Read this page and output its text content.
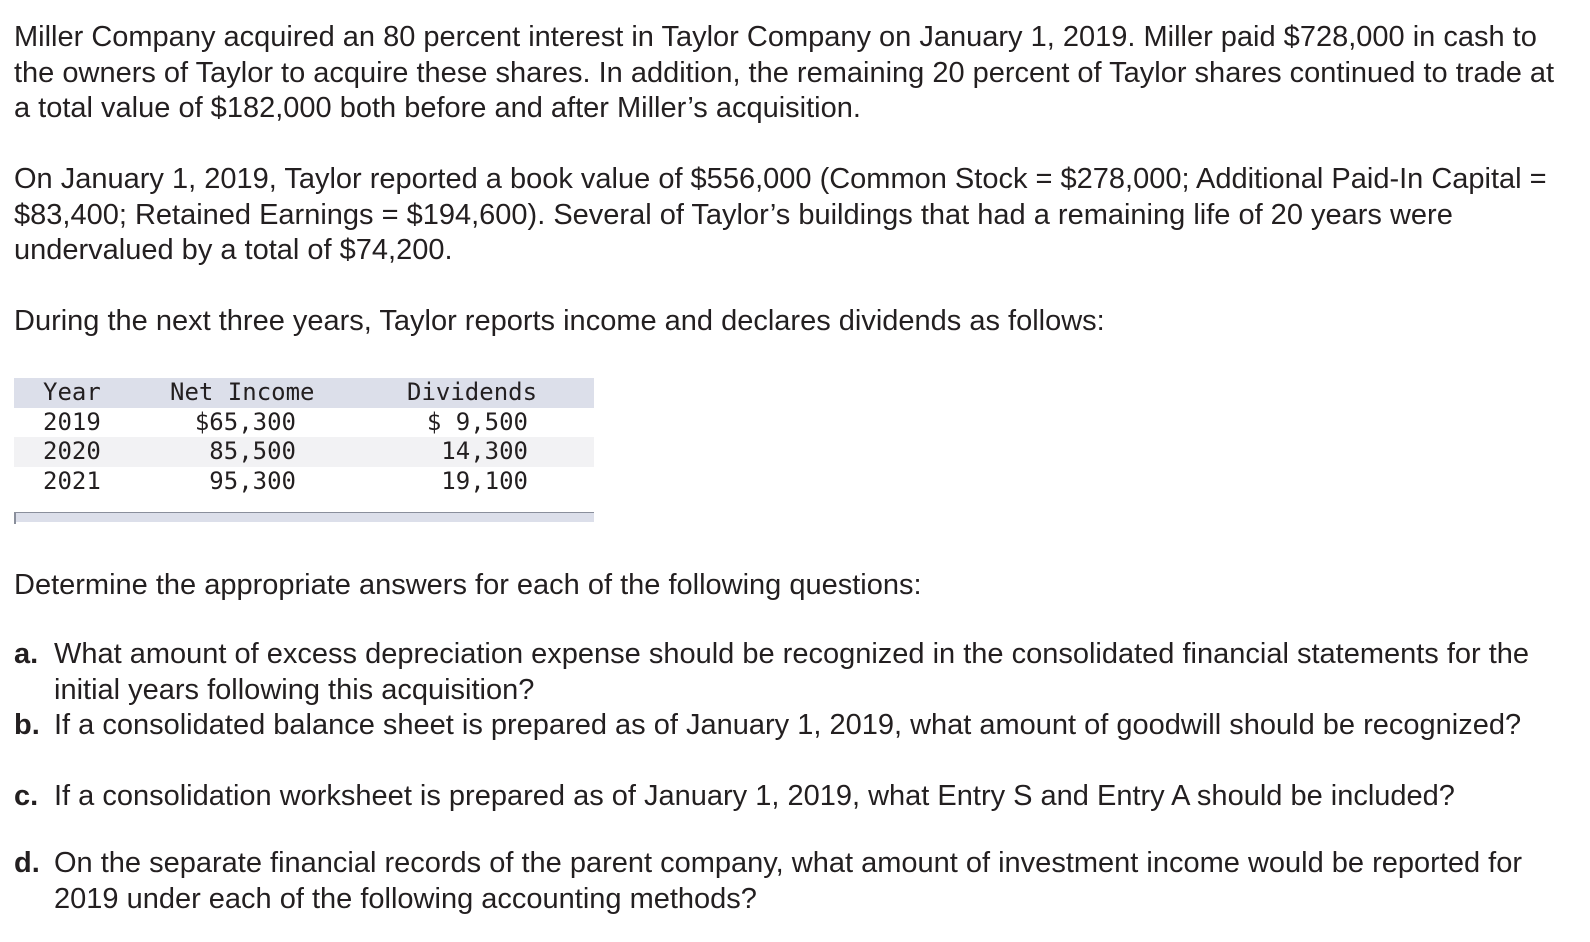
Miller Company acquired an 80 percent interest in Taylor Company on January 1, 2019. Miller paid $728,000 in cash to the owners of Taylor to acquire these shares. In addition, the remaining 20 percent of Taylor shares continued to trade at a total value of $182,000 both before and after Miller’s acquisition.

On January 1, 2019, Taylor reported a book value of $556,000 (Common Stock = $278,000; Additional Paid-In Capital = $83,400; Retained Earnings = $194,600). Several of Taylor’s buildings that had a remaining life of 20 years were undervalued by a total of $74,200.

During the next three years, Taylor reports income and declares dividends as follows:

Year	Net Income	Dividends
2019	$65,300	$ 9,500
2020	85,500	14,300
2021	95,300	19,100

Determine the appropriate answers for each of the following questions:

a. What amount of excess depreciation expense should be recognized in the consolidated financial statements for the initial years following this acquisition?
b. If a consolidated balance sheet is prepared as of January 1, 2019, what amount of goodwill should be recognized?
c. If a consolidation worksheet is prepared as of January 1, 2019, what Entry S and Entry A should be included?
d. On the separate financial records of the parent company, what amount of investment income would be reported for 2019 under each of the following accounting methods?
